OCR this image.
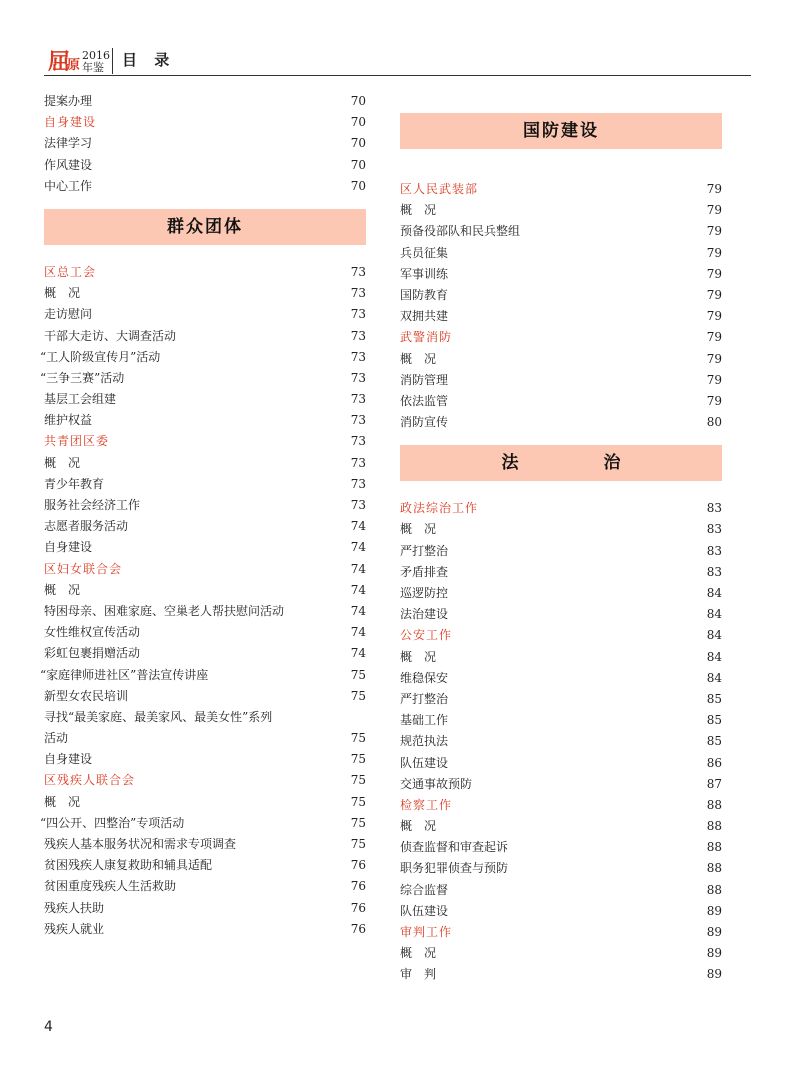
屈原
2016
年鉴 目 录
提案办理	70
自身建设	70
法律学习	70
作风建设	70
中心工作	70
群众团体
区总工会	73
概　况	73
走访慰问	73
干部大走访、大调查活动	73
“工人阶级宣传月”活动	73
“三争三赛”活动	73
基层工会组建	73
维护权益	73
共青团区委	73
概　况	73
青少年教育	73
服务社会经济工作	73
志愿者服务活动	74
自身建设	74
区妇女联合会	74
概　况	74
特困母亲、困难家庭、空巢老人帮扶慰问活动	74
女性维权宣传活动	74
彩虹包裹捐赠活动	74
“家庭律师进社区”普法宣传讲座	75
新型女农民培训	75
寻找“最美家庭、最美家风、最美女性”系列
活动	75
自身建设	75
区残疾人联合会	75
概　况	75
“四公开、四整治”专项活动	75
残疾人基本服务状况和需求专项调查	75
贫困残疾人康复救助和辅具适配	76
贫困重度残疾人生活救助	76
残疾人扶助	76
残疾人就业	76
国防建设
区人民武装部	79
概　况	79
预备役部队和民兵整组	79
兵员征集	79
军事训练	79
国防教育	79
双拥共建	79
武警消防	79
概　况	79
消防管理	79
依法监管	79
消防宣传	80
法　治
政法综治工作	83
概　况	83
严打整治	83
矛盾排查	83
巡逻防控	84
法治建设	84
公安工作	84
概　况	84
维稳保安	84
严打整治	85
基础工作	85
规范执法	85
队伍建设	86
交通事故预防	87
检察工作	88
概　况	88
侦查监督和审查起诉	88
职务犯罪侦查与预防	88
综合监督	88
队伍建设	89
审判工作	89
概　况	89
审　判	89
4
